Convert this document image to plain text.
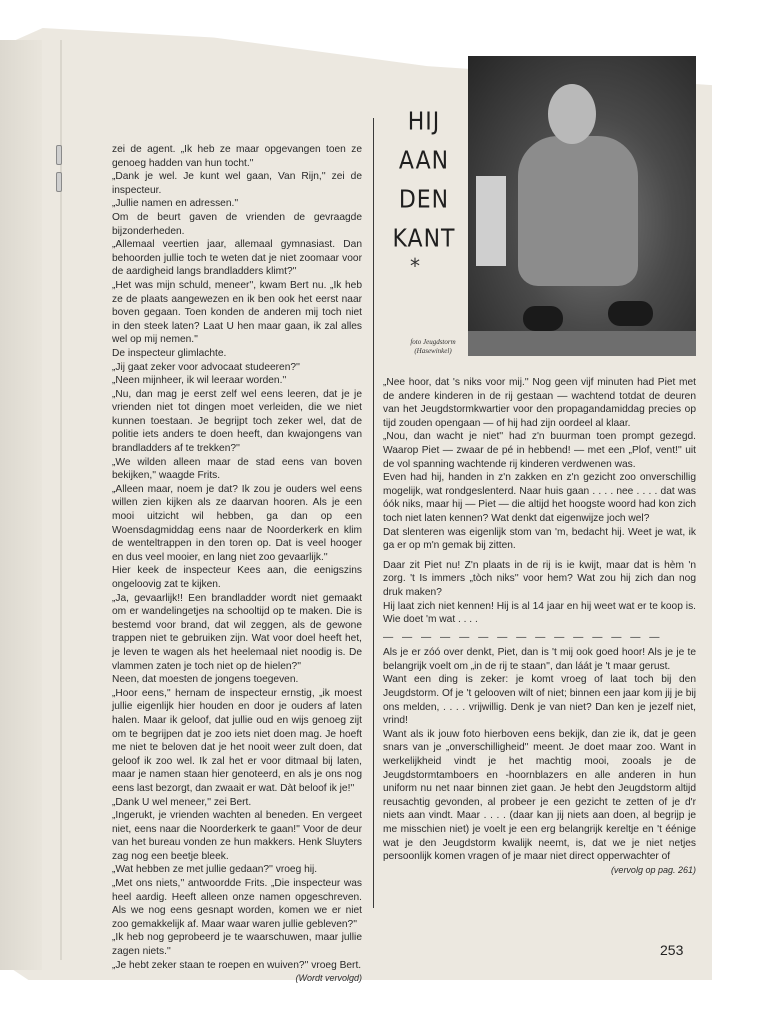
zei de agent. „Ik heb ze maar opgevangen toen ze genoeg hadden van hun tocht.''

„Dank je wel. Je kunt wel gaan, Van Rijn,'' zei de inspecteur.

„Jullie namen en adressen.''

Om de beurt gaven de vrienden de gevraagde bijzonderheden.

„Allemaal veertien jaar, allemaal gymnasiast. Dan behoorden jullie toch te weten dat je niet zoomaar voor de aardigheid langs brandladders klimt?''

„Het was mijn schuld, meneer'', kwam Bert nu. „Ik heb ze de plaats aangewezen en ik ben ook het eerst naar boven gegaan. Toen konden de anderen mij toch niet in den steek laten? Laat U hen maar gaan, ik zal alles wel op mij nemen.''

De inspecteur glimlachte.

„Jij gaat zeker voor advocaat studeeren?''

„Neen mijnheer, ik wil leeraar worden.''

„Nu, dan mag je eerst zelf wel eens leeren, dat je je vrienden niet tot dingen moet verleiden, die we niet kunnen toestaan. Je begrijpt toch zeker wel, dat de politie iets anders te doen heeft, dan kwajongens van brandladders af te trekken?''

„We wilden alleen maar de stad eens van boven bekijken,'' waagde Frits.

„Alleen maar, noem je dat? Ik zou je ouders wel eens willen zien kijken als ze daarvan hooren. Als je een mooi uitzicht wil hebben, ga dan op een Woensdagmiddag eens naar de Noorderkerk en klim de wenteltrappen in den toren op. Dat is veel hooger en dus veel mooier, en lang niet zoo gevaarlijk.''

Hier keek de inspecteur Kees aan, die eenigszins ongeloovig zat te kijken.

„Ja, gevaarlijk!! Een brandladder wordt niet gemaakt om er wandelingetjes na schooltijd op te maken. Die is bestemd voor brand, dat wil zeggen, als de gewone trappen niet te gebruiken zijn. Wat voor doel heeft het, je leven te wagen als het heelemaal niet noodig is. De vlammen zaten je toch niet op de hielen?''

Neen, dat moesten de jongens toegeven.

„Hoor eens,'' hernam de inspecteur ernstig, „ik moest jullie eigenlijk hier houden en door je ouders af laten halen. Maar ik geloof, dat jullie oud en wijs genoeg zijt om te begrijpen dat je zoo iets niet doen mag. Je hoeft me niet te beloven dat je het nooit weer zult doen, dat geloof ik zoo wel. Ik zal het er voor ditmaal bij laten, maar je namen staan hier genoteerd, en als je ons nog eens last bezorgt, dan zwaait er wat. Dàt beloof ik je!''

„Dank U wel meneer,'' zei Bert.

„Ingerukt, je vrienden wachten al beneden. En vergeet niet, eens naar die Noorderkerk te gaan!'' Voor de deur van het bureau vonden ze hun makkers. Henk Sluyters zag nog een beetje bleek.

„Wat hebben ze met jullie gedaan?'' vroeg hij.

„Met ons niets,'' antwoordde Frits. „Die inspecteur was heel aardig. Heeft alleen onze namen opgeschreven. Als we nog eens gesnapt worden, komen we er niet zoo gemakkelijk af. Maar waar waren jullie gebleven?''

„Ik heb nog geprobeerd je te waarschuwen, maar jullie zagen niets.''

„Je hebt zeker staan te roepen en wuiven?'' vroeg Bert.

(Wordt vervolgd)

HIJ
AAN
DEN
KANT
*
foto Jeugdstorm
(Hasewinkel)

„Nee hoor, dat 's niks voor mij.'' Nog geen vijf minuten had Piet met de andere kinderen in de rij gestaan — wachtend totdat de deuren van het Jeugdstormkwartier voor den propagandamiddag precies op tijd zouden opengaan — of hij had zijn oordeel al klaar.

„Nou, dan wacht je niet'' had z'n buurman toen prompt gezegd. Waarop Piet — zwaar de pé in hebbend! — met een „Plof, vent!'' uit de vol spanning wachtende rij kinderen verdwenen was.

Even had hij, handen in z'n zakken en z'n gezicht zoo onverschillig mogelijk, wat rondgeslenterd. Naar huis gaan . . . . nee . . . . dat was óók niks, maar hij — Piet — die altijd het hoogste woord had kon zich toch niet laten kennen? Wat denkt dat eigenwijze joch wel?

Dat slenteren was eigenlijk stom van 'm, bedacht hij. Weet je wat, ik ga er op m'n gemak bij zitten.

Daar zit Piet nu! Z'n plaats in de rij is ie kwijt, maar dat is hèm 'n zorg. 't Is immers „tòch niks'' voor hem? Wat zou hij zich dan nog druk maken?

Hij laat zich niet kennen! Hij is al 14 jaar en hij weet wat er te koop is. Wie doet 'm wat . . . .

— — — — — — — — — — — — — — —

Als je er zóó over denkt, Piet, dan is 't mij ook goed hoor! Als je je te belangrijk voelt om „in de rij te staan'', dan láát je 't maar gerust.

Want een ding is zeker: je komt vroeg of laat toch bij den Jeugdstorm. Of je 't gelooven wilt of niet; binnen een jaar kom jij je bij ons melden, . . . . vrijwillig. Denk je van niet? Dan ken je jezelf niet, vrind!

Want als ik jouw foto hierboven eens bekijk, dan zie ik, dat je geen snars van je „onverschilligheid'' meent. Je doet maar zoo. Want in werkelijkheid vindt je het machtig mooi, zooals je de Jeugdstormtamboers en -hoornblazers en alle anderen in hun uniform nu net naar binnen ziet gaan. Je hebt den Jeugdstorm altijd reusachtig gevonden, al probeer je een gezicht te zetten of je d'r niets aan vindt. Maar . . . . (daar kan jij niets aan doen, al begrijp je me misschien niet) je voelt je een erg belangrijk kereltje en 't éénige wat je den Jeugdstorm kwalijk neemt, is, dat we je niet netjes persoonlijk komen vragen of je maar niet direct opperwachter of

(vervolg op pag. 261)

253
